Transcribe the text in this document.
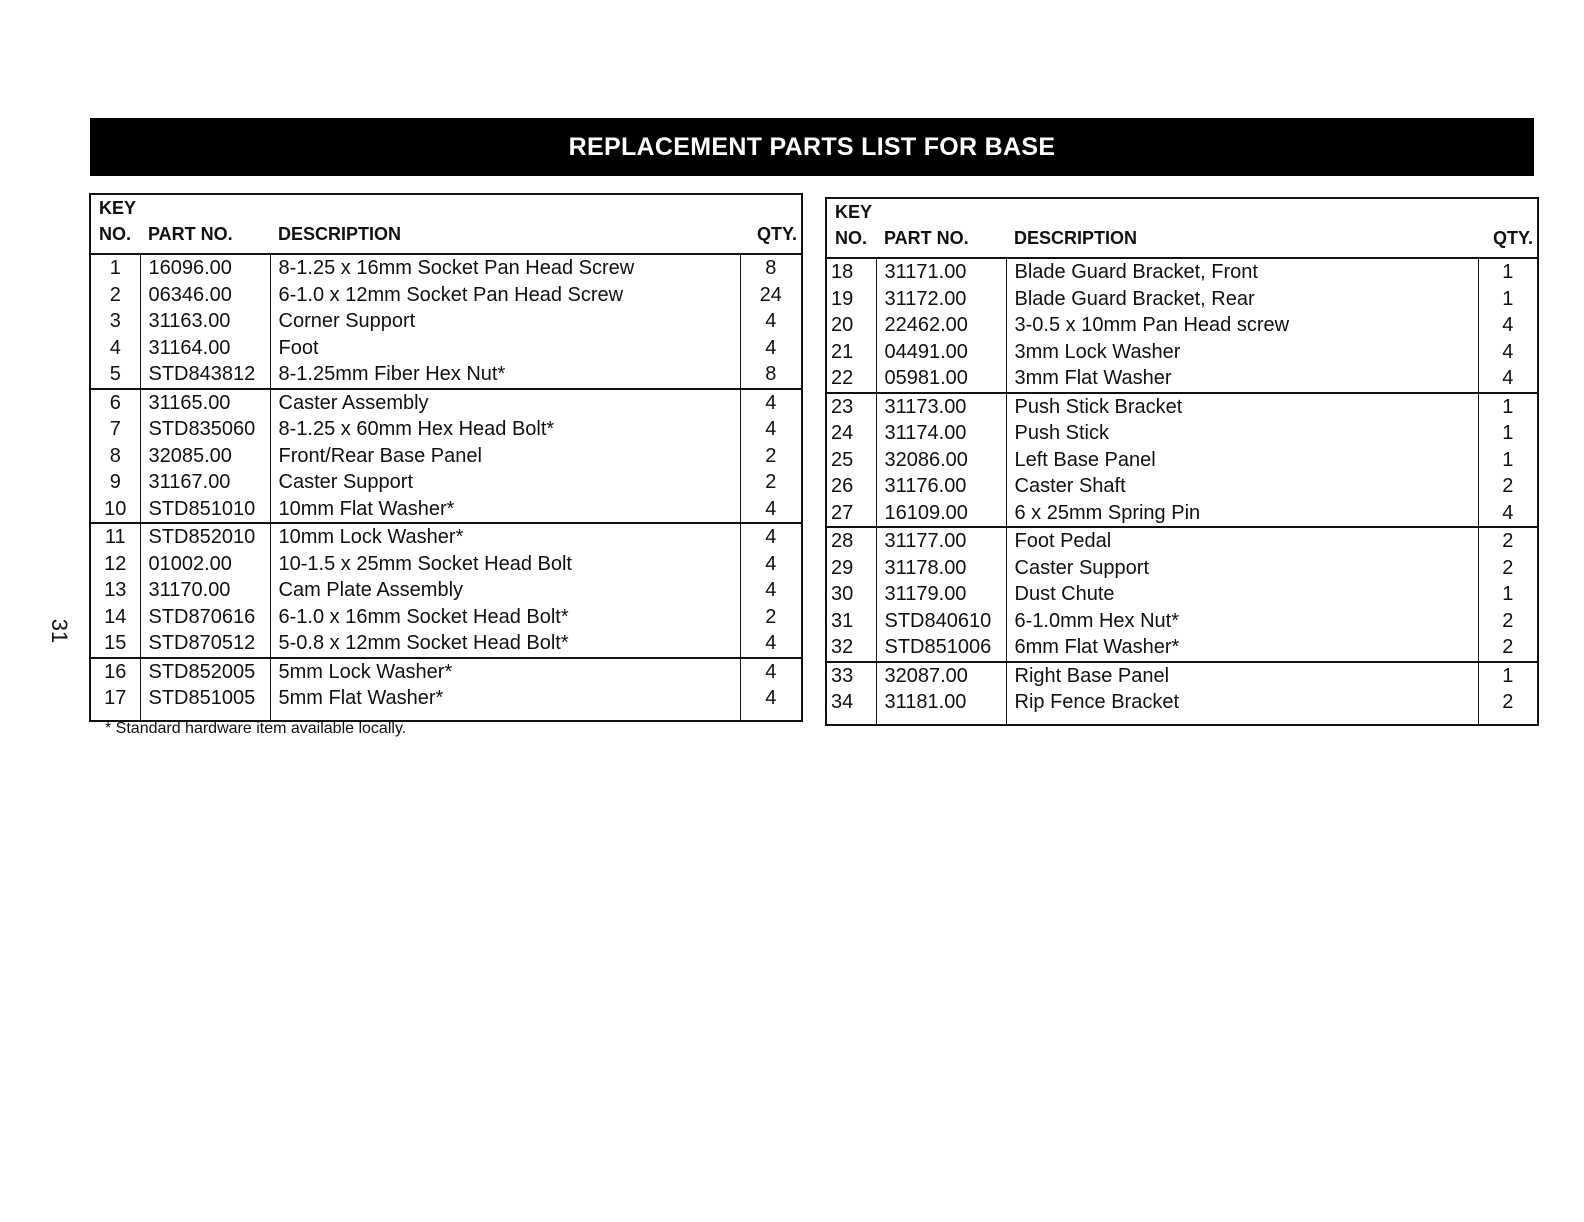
REPLACEMENT PARTS LIST FOR BASE
31
KEY
NO.	PART NO.	DESCRIPTION	QTY.
1	16096.00	8-1.25 x 16mm Socket Pan Head Screw	8
2	06346.00	6-1.0 x 12mm Socket Pan Head Screw	24
3	31163.00	Corner Support	4
4	31164.00	Foot	4
5	STD843812	8-1.25mm Fiber Hex Nut*	8
6	31165.00	Caster Assembly	4
7	STD835060	8-1.25 x 60mm Hex Head Bolt*	4
8	32085.00	Front/Rear Base Panel	2
9	31167.00	Caster Support	2
10	STD851010	10mm Flat Washer*	4
11	STD852010	10mm Lock Washer*	4
12	01002.00	10-1.5 x 25mm Socket Head Bolt	4
13	31170.00	Cam Plate Assembly	4
14	STD870616	6-1.0 x 16mm Socket Head Bolt*	2
15	STD870512	5-0.8 x 12mm Socket Head Bolt*	4
16	STD852005	5mm Lock Washer*	4
17	STD851005	5mm Flat Washer*	4
KEY
NO.	PART NO.	DESCRIPTION	QTY.
18	31171.00	Blade Guard Bracket, Front	1
19	31172.00	Blade Guard Bracket, Rear	1
20	22462.00	3-0.5 x 10mm Pan Head screw	4
21	04491.00	3mm Lock Washer	4
22	05981.00	3mm Flat Washer	4
23	31173.00	Push Stick Bracket	1
24	31174.00	Push Stick	1
25	32086.00	Left Base Panel	1
26	31176.00	Caster Shaft	2
27	16109.00	6 x 25mm Spring Pin	4
28	31177.00	Foot Pedal	2
29	31178.00	Caster Support	2
30	31179.00	Dust Chute	1
31	STD840610	6-1.0mm Hex Nut*	2
32	STD851006	6mm Flat Washer*	2
33	32087.00	Right Base Panel	1
34	31181.00	Rip Fence Bracket	2
* Standard hardware item available locally.
